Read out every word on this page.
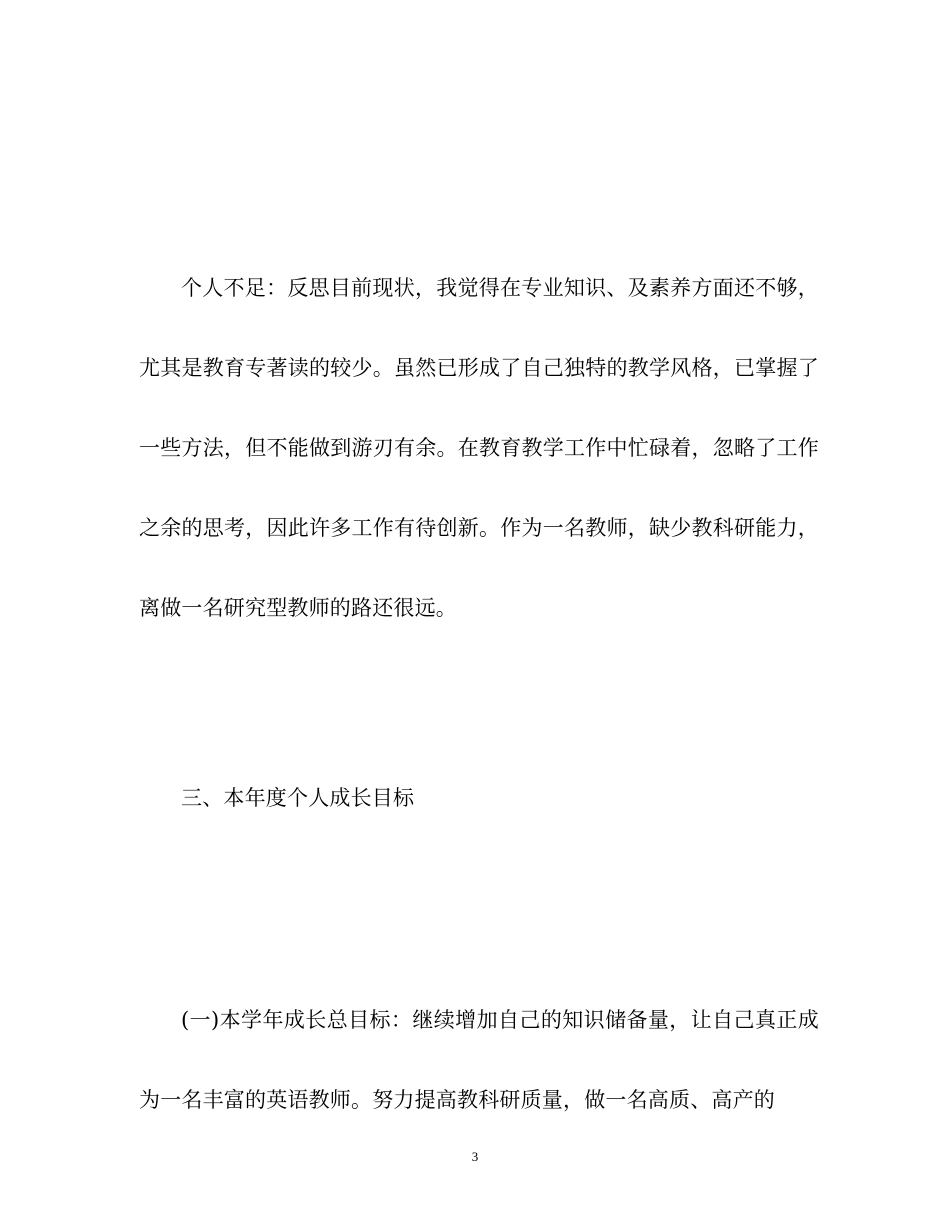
个人不足：反思目前现状，我觉得在专业知识、及素养方面还不够，尤其是教育专著读的较少。虽然已形成了自己独特的教学风格，已掌握了一些方法，但不能做到游刃有余。在教育教学工作中忙碌着，忽略了工作之余的思考，因此许多工作有待创新。作为一名教师，缺少教科研能力，离做一名研究型教师的路还很远。

三、本年度个人成长目标

(一)本学年成长总目标：继续增加自己的知识储备量，让自己真正成为一名丰富的英语教师。努力提高教科研质量，做一名高质、高产的

3
